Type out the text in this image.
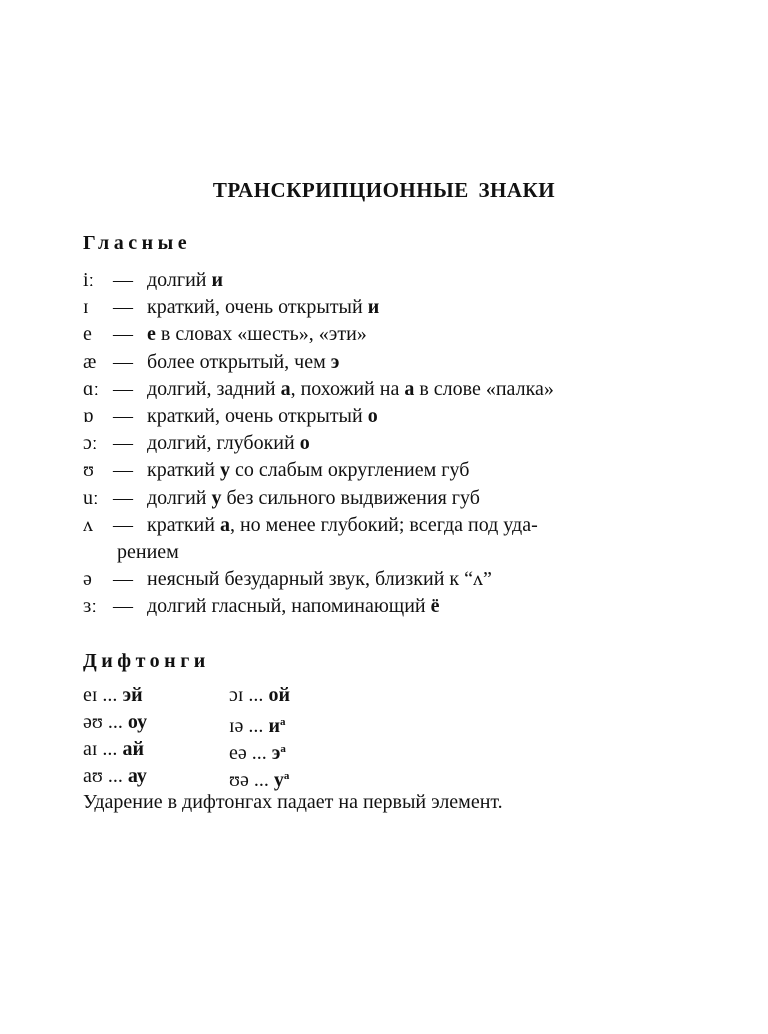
ТРАНСКРИПЦИОННЫЕ ЗНАКИ
Гласные
iː — долгий и
ɪ	— краткий, очень открытый и
e	— е в словах «шесть», «эти»
æ — более открытый, чем э
ɑː — долгий, задний а, похожий на а в слове «палка»
ɒ — краткий, очень открытый о
ɔː — долгий, глубокий о
ʊ — краткий у со слабым округлением губ
uː — долгий у без сильного выдвижения губ
ʌ	— краткий а, но менее глубокий; всегда под уда-
рением
ə	— неясный безударный звук, близкий к “ʌ”
ɜː — долгий гласный, напоминающий ё
Дифтонги
eɪ ... эй	ɔɪ ... ой
əʊ ... оу	ɪə ... $и^а$
aɪ ... ай	eə ... $э^а$
aʊ ... ау	ʊə ... $у^а$
Ударение в дифтонгах падает на первый элемент.
